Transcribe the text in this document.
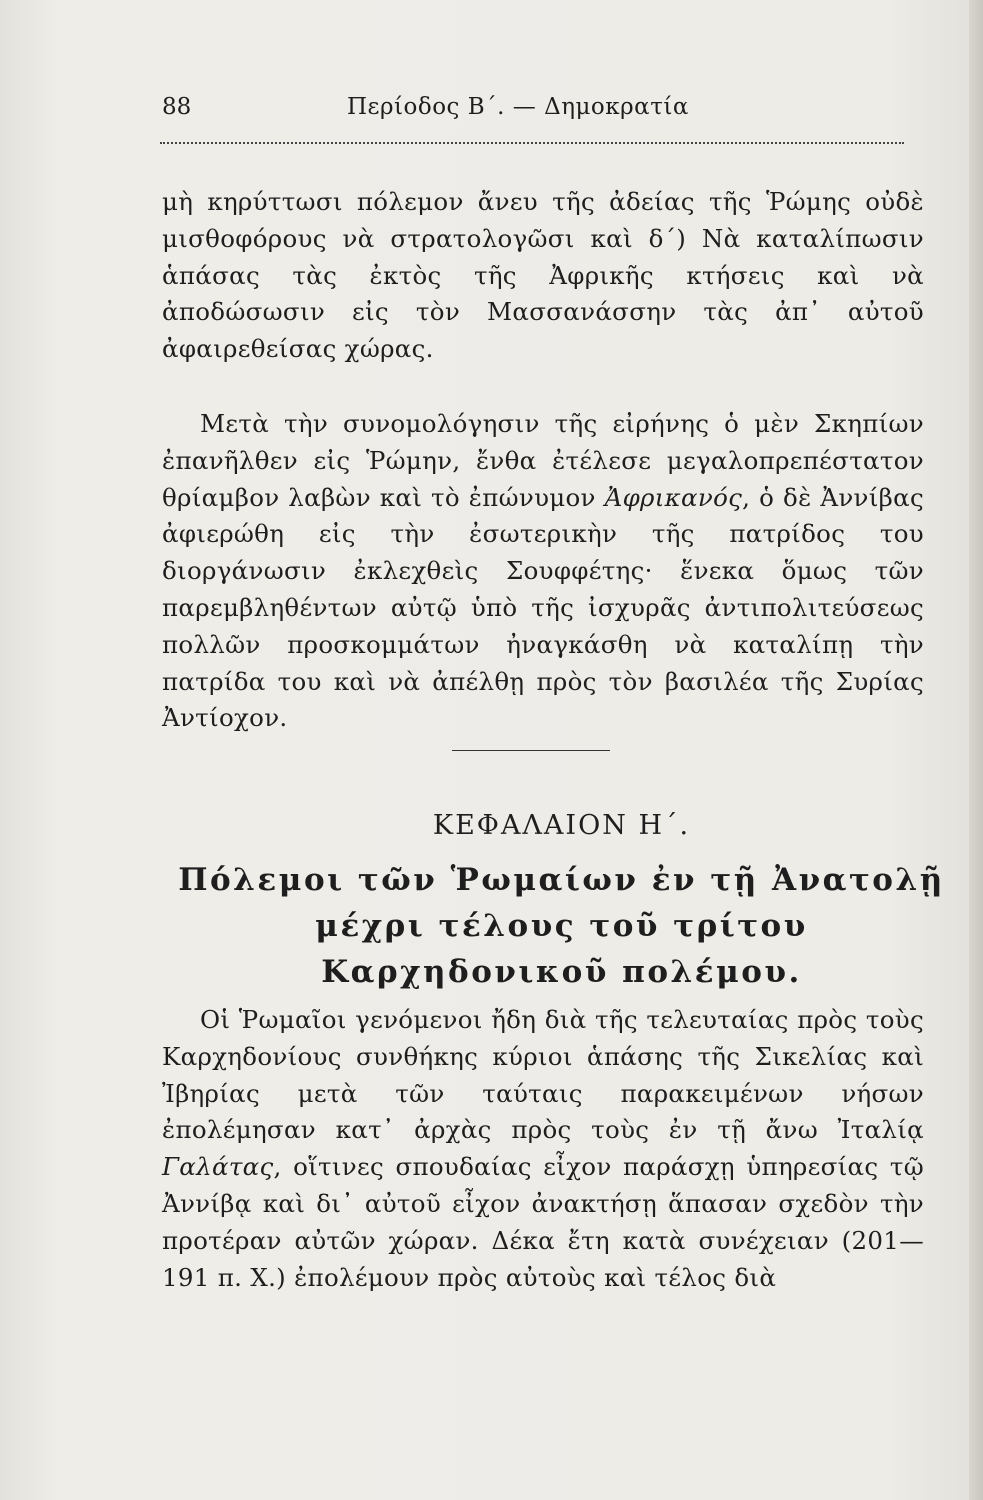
88	Περίοδος Β΄. — Δημοκρατία

μὴ κηρύττωσι πόλεμον ἄνευ τῆς ἀδείας τῆς Ῥώμης οὐδὲ μισθοφόρους νὰ στρατολογῶσι καὶ δ΄) Νὰ καταλίπωσιν ἁπάσας τὰς ἐκτὸς τῆς Ἀφρικῆς κτήσεις καὶ νὰ ἀποδώσωσιν εἰς τὸν Μασσανάσσην τὰς ἀπ᾽ αὐτοῦ ἀφαιρεθείσας χώρας.

Μετὰ τὴν συνομολόγησιν τῆς εἰρήνης ὁ μὲν Σκηπίων ἐπανῆλθεν εἰς Ῥώμην, ἔνθα ἐτέλεσε μεγαλοπρεπέστατον θρίαμβον λαβὼν καὶ τὸ ἐπώνυμον Ἀφρικανός, ὁ δὲ Ἀννίβας ἀφιερώθη εἰς τὴν ἐσωτερικὴν τῆς πατρίδος του διοργάνωσιν ἐκλεχθεὶς Σουφφέτης· ἕνεκα ὅμως τῶν παρεμβληθέντων αὐτῷ ὑπὸ τῆς ἰσχυρᾶς ἀντιπολιτεύσεως πολλῶν προσκομμάτων ἠναγκάσθη νὰ καταλίπῃ τὴν πατρίδα του καὶ νὰ ἀπέλθῃ πρὸς τὸν βασιλέα τῆς Συρίας Ἀντίοχον.

ΚΕΦΑΛΑΙΟΝ Η΄.
Πόλεμοι τῶν Ῥωμαίων ἐν τῇ Ἀνατολῇ
μέχρι τέλους τοῦ τρίτου
Καρχηδονικοῦ πολέμου.

Οἱ Ῥωμαῖοι γενόμενοι ἤδη διὰ τῆς τελευταίας πρὸς τοὺς Καρχηδονίους συνθήκης κύριοι ἁπάσης τῆς Σικελίας καὶ Ἰβηρίας μετὰ τῶν ταύταις παρακειμένων νήσων ἐπολέμησαν κατ᾽ ἀρχὰς πρὸς τοὺς ἐν τῇ ἄνω Ἰταλίᾳ Γαλάτας, οἵτινες σπουδαίας εἶχον παράσχῃ ὑπηρεσίας τῷ Ἀννίβᾳ καὶ δι᾽ αὐτοῦ εἶχον ἀνακτήσῃ ἅπασαν σχεδὸν τὴν προτέραν αὐτῶν χώραν. Δέκα ἔτη κατὰ συνέχειαν (201—191 π. Χ.) ἐπολέμουν πρὸς αὐτοὺς καὶ τέλος διὰ
